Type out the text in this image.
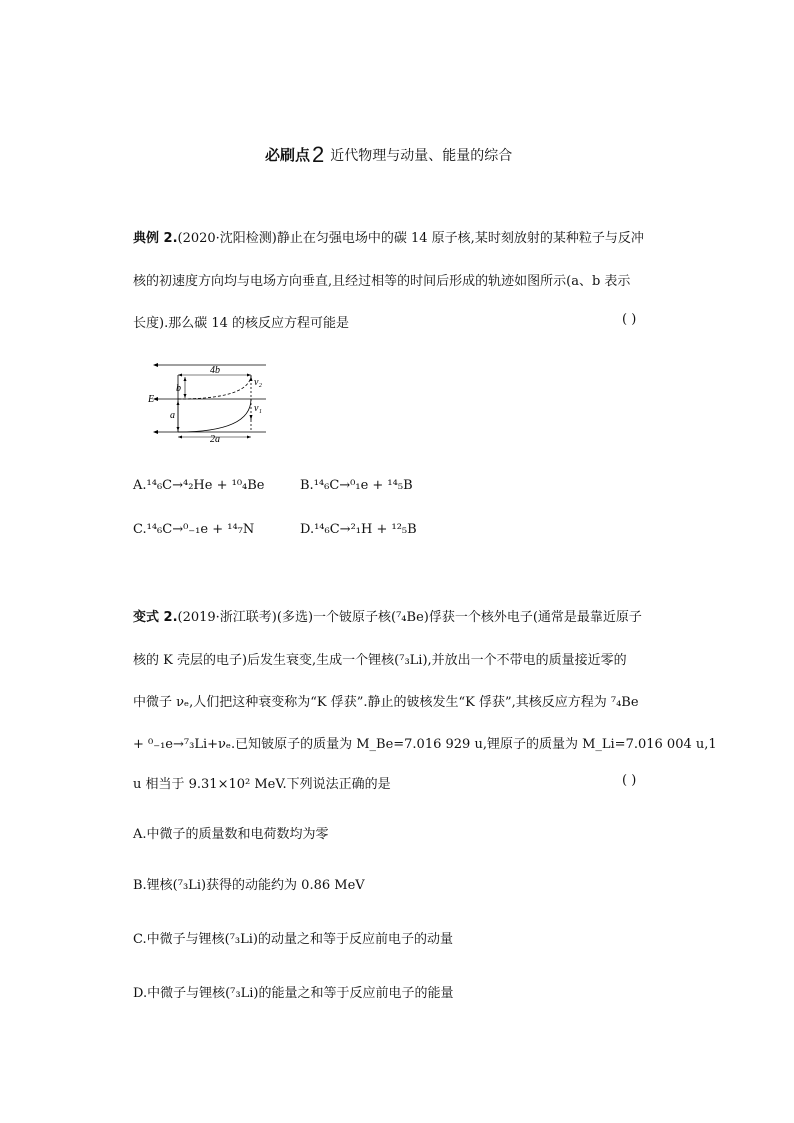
必刷点2 近代物理与动量、能量的综合
典例 2.(2020·沈阳检测)静止在匀强电场中的碳 14 原子核,某时刻放射的某种粒子与反冲
核的初速度方向均与电场方向垂直,且经过相等的时间后形成的轨迹如图所示(a、b 表示
长度).那么碳 14 的核反应方程可能是	( )
4b
b
a
E
2a
v₂
v₁
A.¹⁴₆C→⁴₂He + ¹⁰₄Be	B.¹⁴₆C→⁰₁e + ¹⁴₅B
C.¹⁴₆C→⁰₋₁e + ¹⁴₇N	D.¹⁴₆C→²₁H + ¹²₅B
变式 2.(2019·浙江联考)(多选)一个铍原子核(⁷₄Be)俘获一个核外电子(通常是最靠近原子
核的 K 壳层的电子)后发生衰变,生成一个锂核(⁷₃Li),并放出一个不带电的质量接近零的
中微子 νₑ,人们把这种衰变称为“K 俘获”.静止的铍核发生“K 俘获”,其核反应方程为 ⁷₄Be
+ ⁰₋₁e→⁷₃Li+νₑ.已知铍原子的质量为 M_Be=7.016 929 u,锂原子的质量为 M_Li=7.016 004 u,1
u 相当于 9.31×10² MeV.下列说法正确的是	( )
A.中微子的质量数和电荷数均为零
B.锂核(⁷₃Li)获得的动能约为 0.86 MeV
C.中微子与锂核(⁷₃Li)的动量之和等于反应前电子的动量
D.中微子与锂核(⁷₃Li)的能量之和等于反应前电子的能量
